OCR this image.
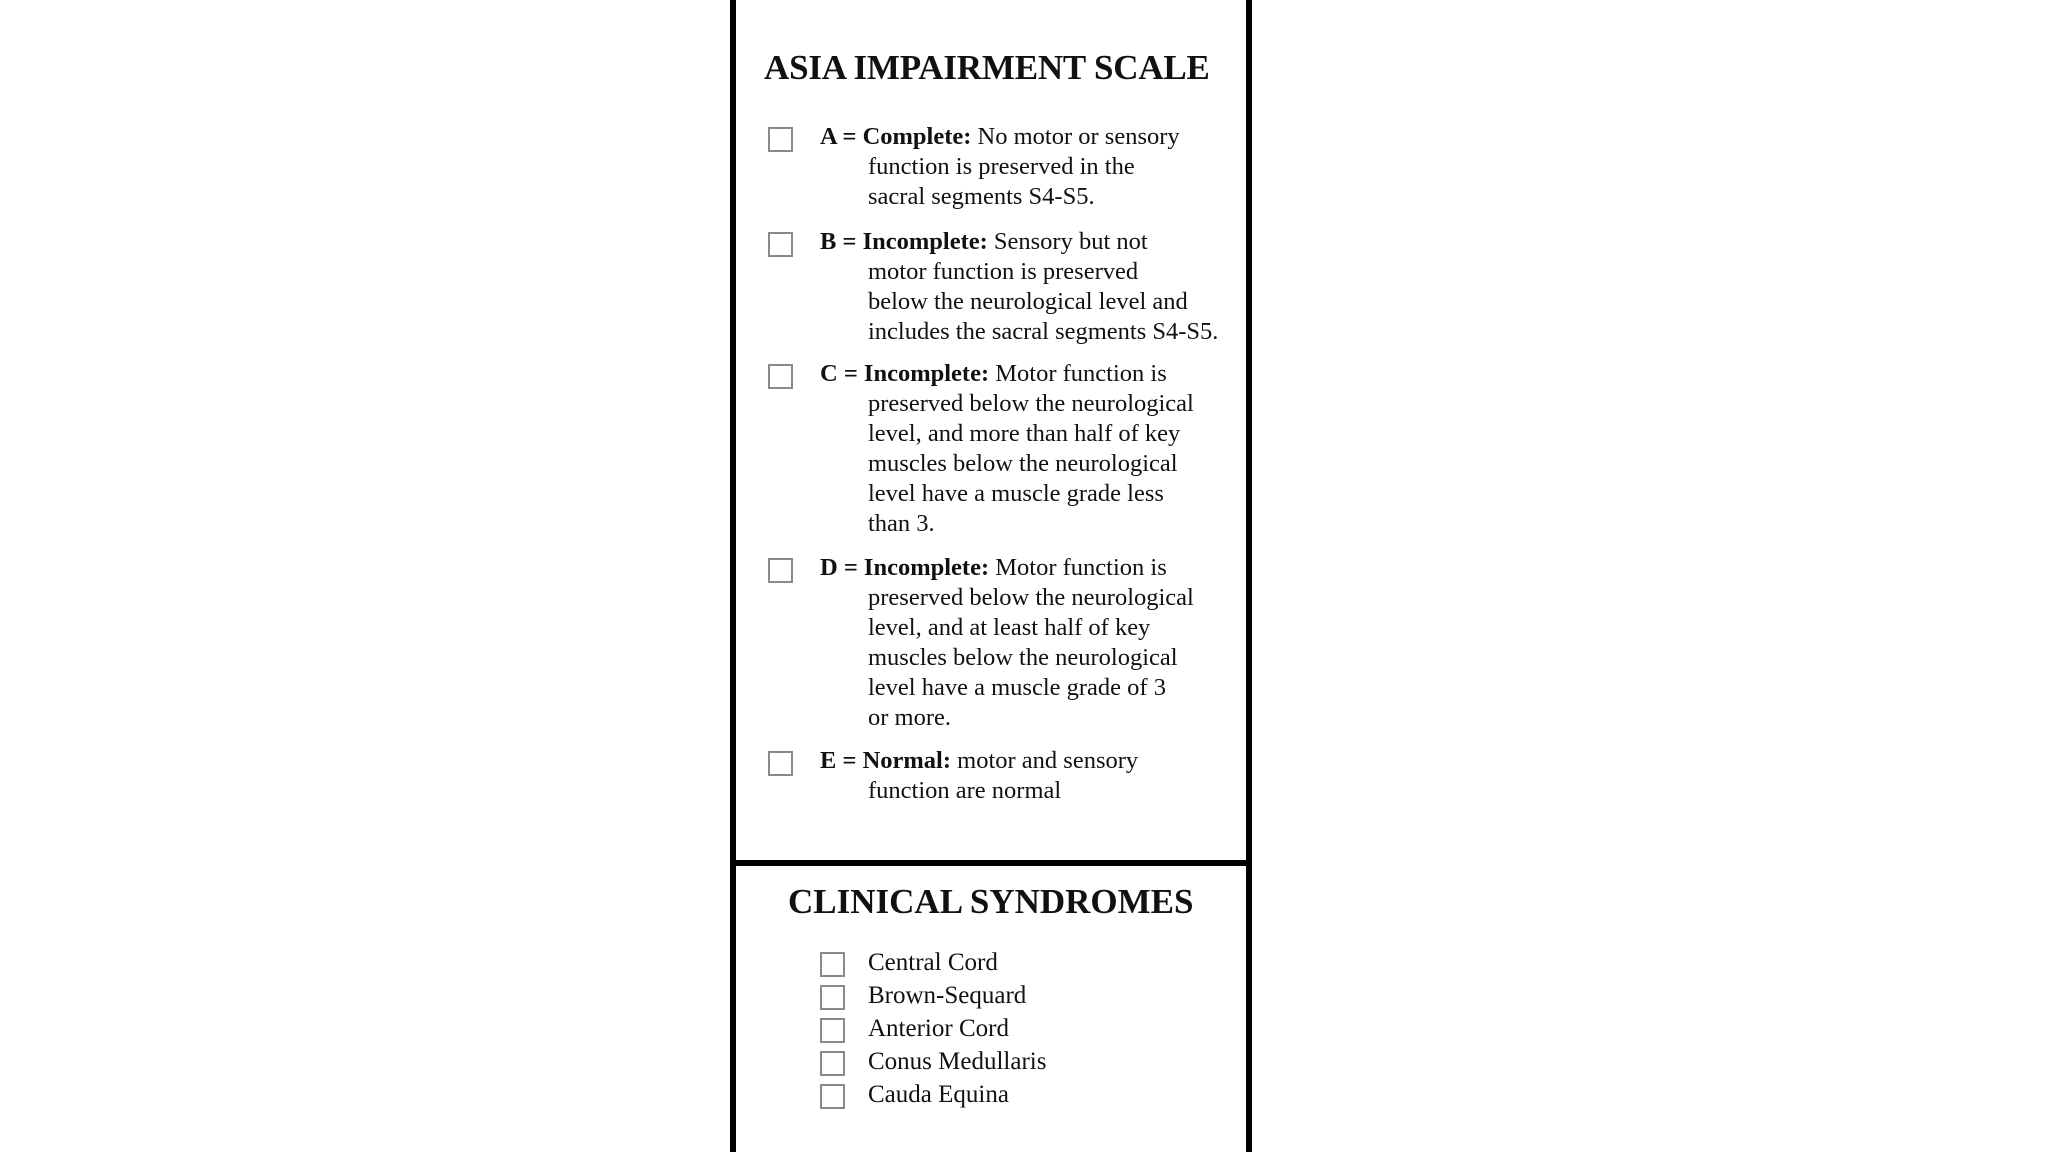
ASIA IMPAIRMENT SCALE
A = Complete: No motor or sensory
function is preserved in the
sacral segments S4-S5.
B = Incomplete: Sensory but not
motor function is preserved
below the neurological level and
includes the sacral segments S4-S5.
C = Incomplete: Motor function is
preserved below the neurological
level, and more than half of key
muscles below the neurological
level have a muscle grade less
than 3.
D = Incomplete: Motor function is
preserved below the neurological
level, and at least half of key
muscles below the neurological
level have a muscle grade of 3
or more.
E = Normal: motor and sensory
function are normal
CLINICAL SYNDROMES
Central Cord
Brown-Sequard
Anterior Cord
Conus Medullaris
Cauda Equina
